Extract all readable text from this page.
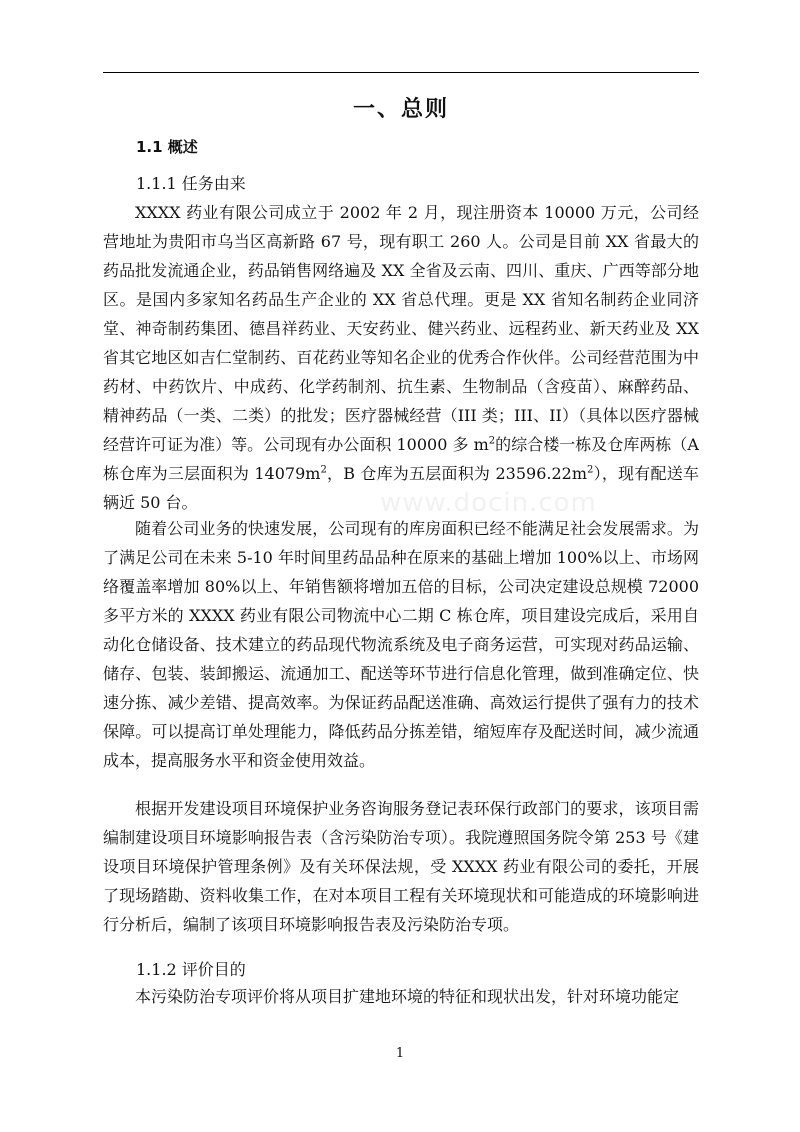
一、总则
1.1 概述
1.1.1 任务由来
XXXX 药业有限公司成立于 2002 年 2 月，现注册资本 10000 万元，公司经营地址为贵阳市乌当区高新路 67 号，现有职工 260 人。公司是目前 XX 省最大的药品批发流通企业，药品销售网络遍及 XX 全省及云南、四川、重庆、广西等部分地区。是国内多家知名药品生产企业的 XX 省总代理。更是 XX 省知名制药企业同济堂、神奇制药集团、德昌祥药业、天安药业、健兴药业、远程药业、新天药业及 XX 省其它地区如吉仁堂制药、百花药业等知名企业的优秀合作伙伴。公司经营范围为中药材、中药饮片、中成药、化学药制剂、抗生素、生物制品（含疫苗）、麻醉药品、精神药品（一类、二类）的批发；医疗器械经营（III 类；III、II）（具体以医疗器械经营许可证为准）等。公司现有办公面积 10000 多 $m^2$的综合楼一栋及仓库两栋（A 栋仓库为三层面积为 $14079m^2$，B 仓库为五层面积为 $23596.22m^2$），现有配送车辆近 50 台。	www.docin.com
随着公司业务的快速发展，公司现有的库房面积已经不能满足社会发展需求。为了满足公司在未来 5-10 年时间里药品品种在原来的基础上增加 100%以上、市场网络覆盖率增加 80%以上、年销售额将增加五倍的目标，公司决定建设总规模 72000 多平方米的 XXXX 药业有限公司物流中心二期 C 栋仓库，项目建设完成后，采用自动化仓储设备、技术建立的药品现代物流系统及电子商务运营，可实现对药品运输、储存、包装、装卸搬运、流通加工、配送等环节进行信息化管理，做到准确定位、快速分拣、减少差错、提高效率。为保证药品配送准确、高效运行提供了强有力的技术保障。可以提高订单处理能力，降低药品分拣差错，缩短库存及配送时间，减少流通成本，提高服务水平和资金使用效益。
根据开发建设项目环境保护业务咨询服务登记表环保行政部门的要求，该项目需编制建设项目环境影响报告表（含污染防治专项）。我院遵照国务院令第 253 号《建设项目环境保护管理条例》及有关环保法规，受 XXXX 药业有限公司的委托，开展了现场踏勘、资料收集工作，在对本项目工程有关环境现状和可能造成的环境影响进行分析后，编制了该项目环境影响报告表及污染防治专项。
1.1.2 评价目的
本污染防治专项评价将从项目扩建地环境的特征和现状出发，针对环境功能定
1
